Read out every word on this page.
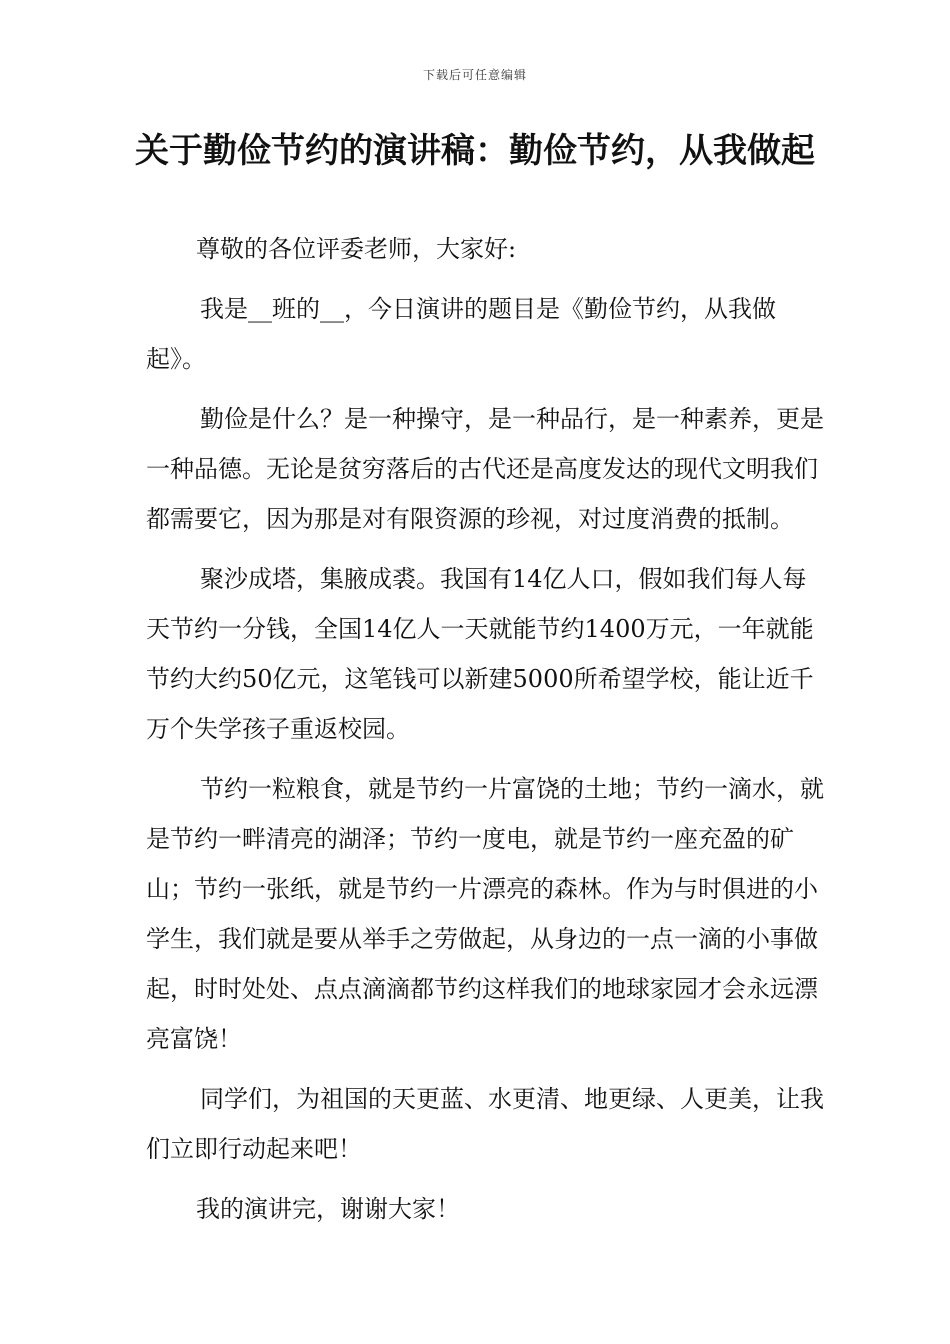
下载后可任意编辑
关于勤俭节约的演讲稿：勤俭节约，从我做起

尊敬的各位评委老师，大家好:

我是__班的__，今日演讲的题目是《勤俭节约，从我做起》。

勤俭是什么？是一种操守，是一种品行，是一种素养，更是一种品德。无论是贫穷落后的古代还是高度发达的现代文明我们都需要它，因为那是对有限资源的珍视，对过度消费的抵制。

聚沙成塔，集腋成裘。我国有14亿人口，假如我们每人每天节约一分钱，全国14亿人一天就能节约1400万元，一年就能节约大约50亿元，这笔钱可以新建5000所希望学校，能让近千万个失学孩子重返校园。

节约一粒粮食，就是节约一片富饶的土地；节约一滴水，就是节约一畔清亮的湖泽；节约一度电，就是节约一座充盈的矿山；节约一张纸，就是节约一片漂亮的森林。作为与时俱进的小学生，我们就是要从举手之劳做起，从身边的一点一滴的小事做起，时时处处、点点滴滴都节约这样我们的地球家园才会永远漂亮富饶！

同学们，为祖国的天更蓝、水更清、地更绿、人更美，让我们立即行动起来吧！

我的演讲完，谢谢大家！
